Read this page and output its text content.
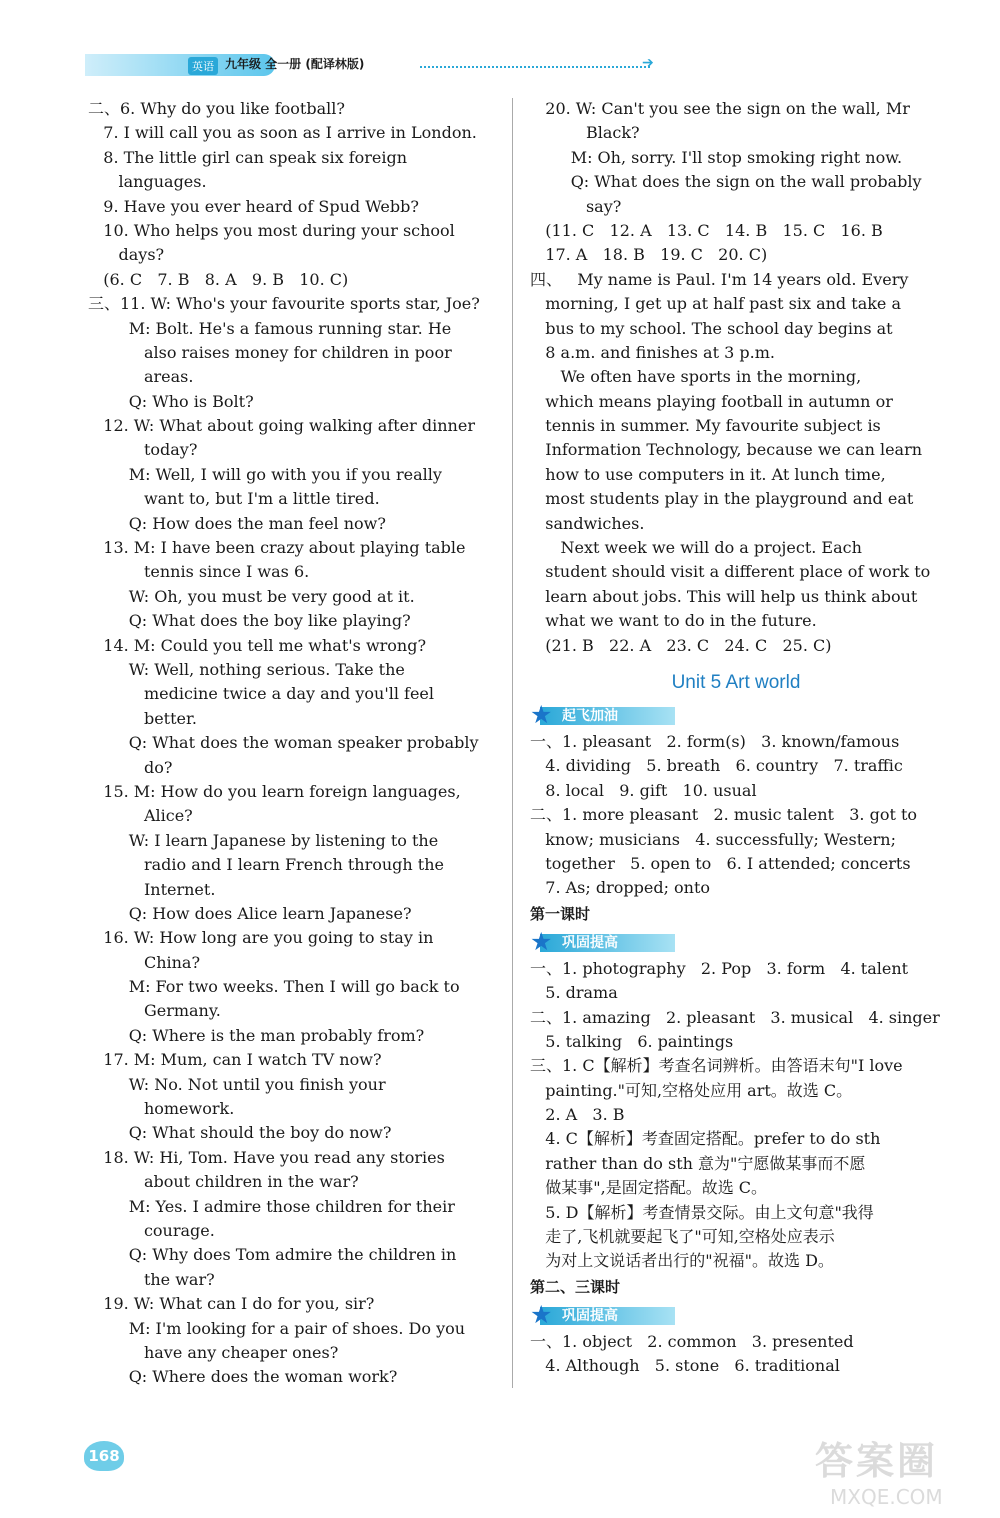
英语 九年级 全一册 (配译林版)	➔
二、6. Why do you like football?
7. I will call you as soon as I arrive in London.
8. The little girl can speak six foreign
languages.
9. Have you ever heard of Spud Webb?
10. Who helps you most during your school
days?
(6. C   7. B   8. A   9. B   10. C)
三、11. W: Who's your favourite sports star, Joe?
M: Bolt. He's a famous running star. He
also raises money for children in poor
areas.
Q: Who is Bolt?
12. W: What about going walking after dinner
today?
M: Well, I will go with you if you really
want to, but I'm a little tired.
Q: How does the man feel now?
13. M: I have been crazy about playing table
tennis since I was 6.
W: Oh, you must be very good at it.
Q: What does the boy like playing?
14. M: Could you tell me what's wrong?
W: Well, nothing serious. Take the
medicine twice a day and you'll feel
better.
Q: What does the woman speaker probably
do?
15. M: How do you learn foreign languages,
Alice?
W: I learn Japanese by listening to the
radio and I learn French through the
Internet.
Q: How does Alice learn Japanese?
16. W: How long are you going to stay in
China?
M: For two weeks. Then I will go back to
Germany.
Q: Where is the man probably from?
17. M: Mum, can I watch TV now?
W: No. Not until you finish your
homework.
Q: What should the boy do now?
18. W: Hi, Tom. Have you read any stories
about children in the war?
M: Yes. I admire those children for their
courage.
Q: Why does Tom admire the children in
the war?
19. W: What can I do for you, sir?
M: I'm looking for a pair of shoes. Do you
have any cheaper ones?
Q: Where does the woman work?
20. W: Can't you see the sign on the wall, Mr
Black?
M: Oh, sorry. I'll stop smoking right now.
Q: What does the sign on the wall probably
say?
(11. C   12. A   13. C   14. B   15. C   16. B
17. A   18. B   19. C   20. C)
四、   My name is Paul. I'm 14 years old. Every
morning, I get up at half past six and take a
bus to my school. The school day begins at
8 a.m. and finishes at 3 p.m.
We often have sports in the morning,
which means playing football in autumn or
tennis in summer. My favourite subject is
Information Technology, because we can learn
how to use computers in it. At lunch time,
most students play in the playground and eat
sandwiches.
Next week we will do a project. Each
student should visit a different place of work to
learn about jobs. This will help us think about
what we want to do in the future.
(21. B   22. A   23. C   24. C   25. C)
Unit 5 Art world
★ 起飞加油
一、1. pleasant   2. form(s)   3. known/famous
4. dividing   5. breath   6. country   7. traffic
8. local   9. gift   10. usual
二、1. more pleasant   2. music talent   3. got to
know; musicians   4. successfully; Western;
together   5. open to   6. I attended; concerts
7. As; dropped; onto
第一课时
★ 巩固提高
一、1. photography   2. Pop   3. form   4. talent
5. drama
二、1. amazing   2. pleasant   3. musical   4. singer
5. talking   6. paintings
三、1. C【解析】考查名词辨析。由答语末句"I love
painting."可知,空格处应用 art。故选 C。
2. A   3. B
4. C【解析】考查固定搭配。prefer to do sth
rather than do sth 意为"宁愿做某事而不愿
做某事",是固定搭配。故选 C。
5. D【解析】考查情景交际。由上文句意"我得
走了,飞机就要起飞了"可知,空格处应表示
为对上文说话者出行的"祝福"。故选 D。
第二、三课时
★ 巩固提高
一、1. object   2. common   3. presented
4. Although   5. stone   6. traditional
168	答案圈
MXQE.COM
